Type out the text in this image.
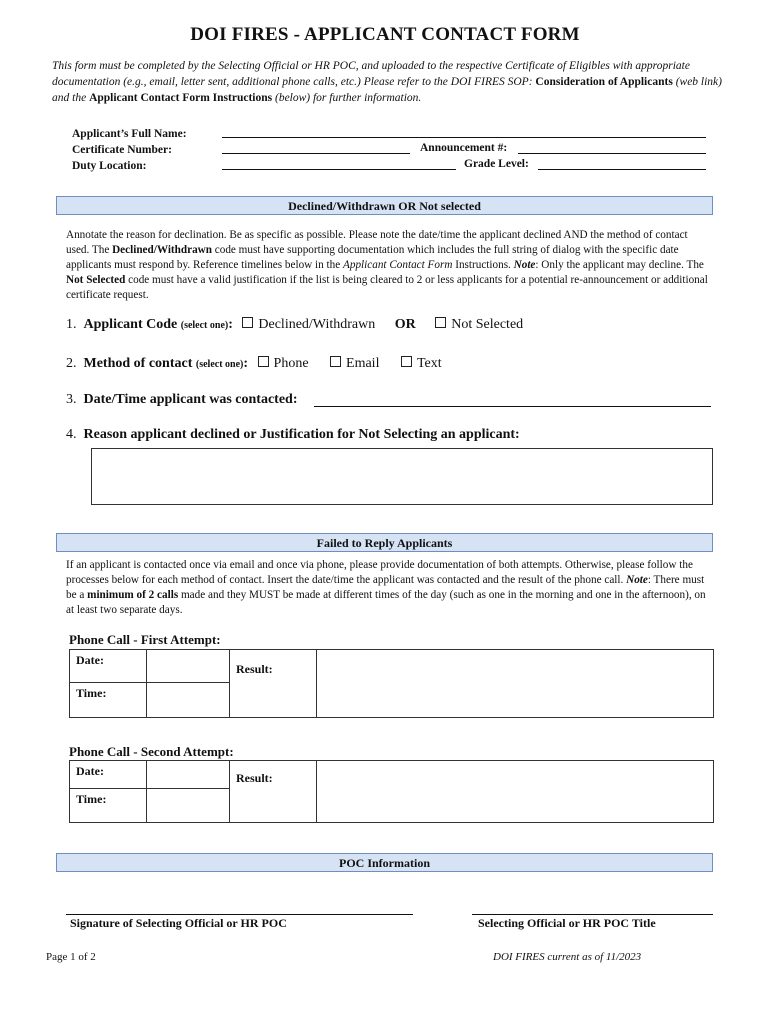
DOI FIRES - APPLICANT CONTACT FORM
This form must be completed by the Selecting Official or HR POC, and uploaded to the respective Certificate of Eligibles with appropriate documentation (e.g., email, letter sent, additional phone calls, etc.) Please refer to the DOI FIRES SOP: Consideration of Applicants (web link) and the Applicant Contact Form Instructions (below) for further information.
Applicant’s Full Name:
Certificate Number:
Duty Location:
Announcement #:
Grade Level:
Declined/Withdrawn OR Not selected
Annotate the reason for declination. Be as specific as possible. Please note the date/time the applicant declined AND the method of contact used. The Declined/Withdrawn code must have supporting documentation which includes the full string of dialog with the specific date applicants must respond by. Reference timelines below in the Applicant Contact Form Instructions. Note: Only the applicant may decline. The Not Selected code must have a valid justification if the list is being cleared to 2 or less applicants for a potential re-announcement or additional certificate request.
1. Applicant Code (select one): Declined/Withdrawn OR	Not Selected
2. Method of contact (select one): Phone	Email	Text
3. Date/Time applicant was contacted:
4. Reason applicant declined or Justification for Not Selecting an applicant:
Failed to Reply Applicants
If an applicant is contacted once via email and once via phone, please provide documentation of both attempts. Otherwise, please follow the processes below for each method of contact. Insert the date/time the applicant was contacted and the result of the phone call. Note: There must be a minimum of 2 calls made and they MUST be made at different times of the day (such as one in the morning and one in the afternoon), on at least two separate days.
Phone Call - First Attempt:
Date:		Result:	
Time:			
Phone Call - Second Attempt:
Date:		Result:	
Time:			
POC Information
Signature of Selecting Official or HR POC	Selecting Official or HR POC Title
Page 1 of 2	DOI FIRES current as of 11/2023
